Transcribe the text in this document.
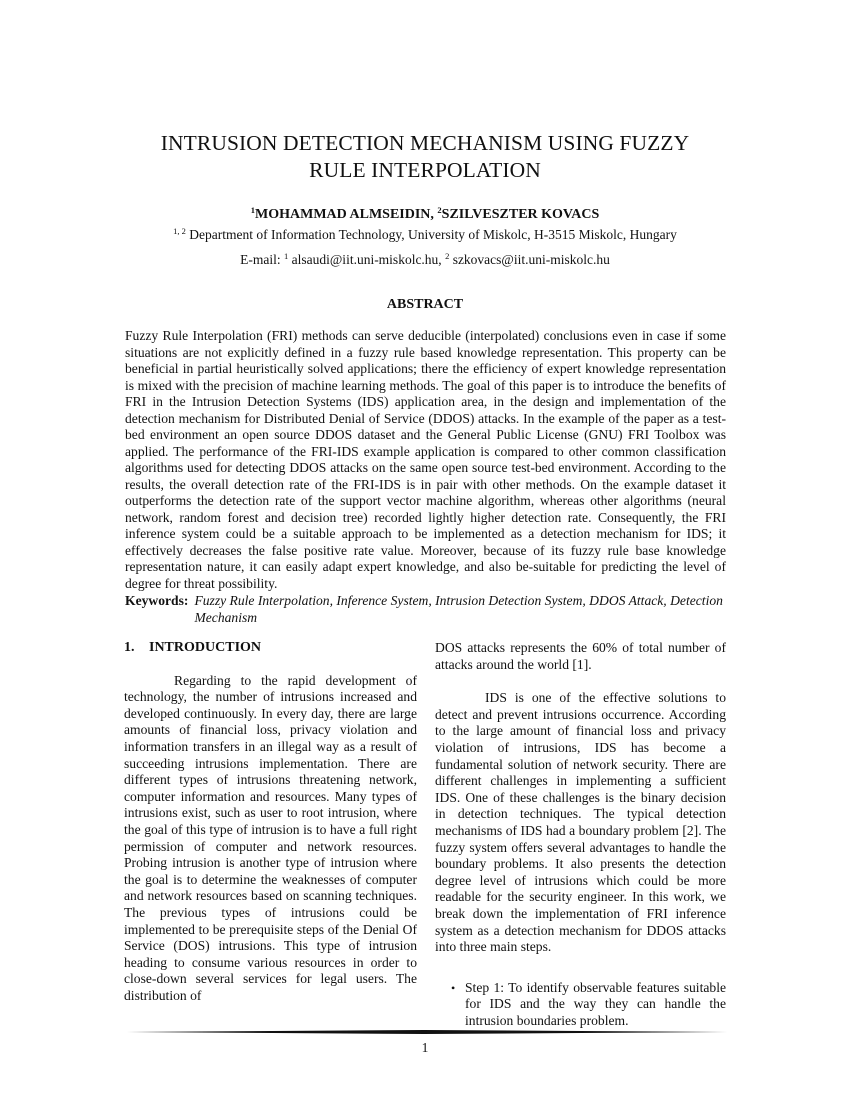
INTRUSION DETECTION MECHANISM USING FUZZY
RULE INTERPOLATION
$^1$MOHAMMAD ALMSEIDIN, $^2$SZILVESZTER KOVACS
$^{1, 2}$ Department of Information Technology, University of Miskolc, H-3515 Miskolc, Hungary
E-mail: $^1$ alsaudi@iit.uni-miskolc.hu, $^2$ szkovacs@iit.uni-miskolc.hu
ABSTRACT
Fuzzy Rule Interpolation (FRI) methods can serve deducible (interpolated) conclusions even in case if some situations are not explicitly defined in a fuzzy rule based knowledge representation. This property can be beneficial in partial heuristically solved applications; there the efficiency of expert knowledge representation is mixed with the precision of machine learning methods. The goal of this paper is to introduce the benefits of FRI in the Intrusion Detection Systems (IDS) application area, in the design and implementation of the detection mechanism for Distributed Denial of Service (DDOS) attacks. In the example of the paper as a test-bed environment an open source DDOS dataset and the General Public License (GNU) FRI Toolbox was applied. The performance of the FRI-IDS example application is compared to other common classification algorithms used for detecting DDOS attacks on the same open source test-bed environment. According to the results, the overall detection rate of the FRI-IDS is in pair with other methods. On the example dataset it outperforms the detection rate of the support vector machine algorithm, whereas other algorithms (neural network, random forest and decision tree) recorded lightly higher detection rate. Consequently, the FRI inference system could be a suitable approach to be implemented as a detection mechanism for IDS; it effectively decreases the false positive rate value. Moreover, because of its fuzzy rule base knowledge representation nature, it can easily adapt expert knowledge, and also be-suitable for predicting the level of degree for threat possibility.
Keywords: Fuzzy Rule Interpolation, Inference System, Intrusion Detection System, DDOS Attack, Detection Mechanism
1.	INTRODUCTION
Regarding to the rapid development of technology, the number of intrusions increased and developed continuously. In every day, there are large amounts of financial loss, privacy violation and information transfers in an illegal way as a result of succeeding intrusions implementation. There are different types of intrusions threatening network, computer information and resources. Many types of intrusions exist, such as user to root intrusion, where the goal of this type of intrusion is to have a full right permission of computer and network resources. Probing intrusion is another type of intrusion where the goal is to determine the weaknesses of computer and network resources based on scanning techniques. The previous types of intrusions could be implemented to be prerequisite steps of the Denial Of Service (DOS) intrusions. This type of intrusion heading to consume various resources in order to close-down several services for legal users. The distribution of
DOS attacks represents the 60% of total number of attacks around the world [1].
IDS is one of the effective solutions to detect and prevent intrusions occurrence. According to the large amount of financial loss and privacy violation of intrusions, IDS has become a fundamental solution of network security. There are different challenges in implementing a sufficient IDS. One of these challenges is the binary decision in detection techniques. The typical detection mechanisms of IDS had a boundary problem [2]. The fuzzy system offers several advantages to handle the boundary problems. It also presents the detection degree level of intrusions which could be more readable for the security engineer. In this work, we break down the implementation of FRI inference system as a detection mechanism for DDOS attacks into three main steps.
• Step 1: To identify observable features suitable for IDS and the way they can handle the intrusion boundaries problem.
1
